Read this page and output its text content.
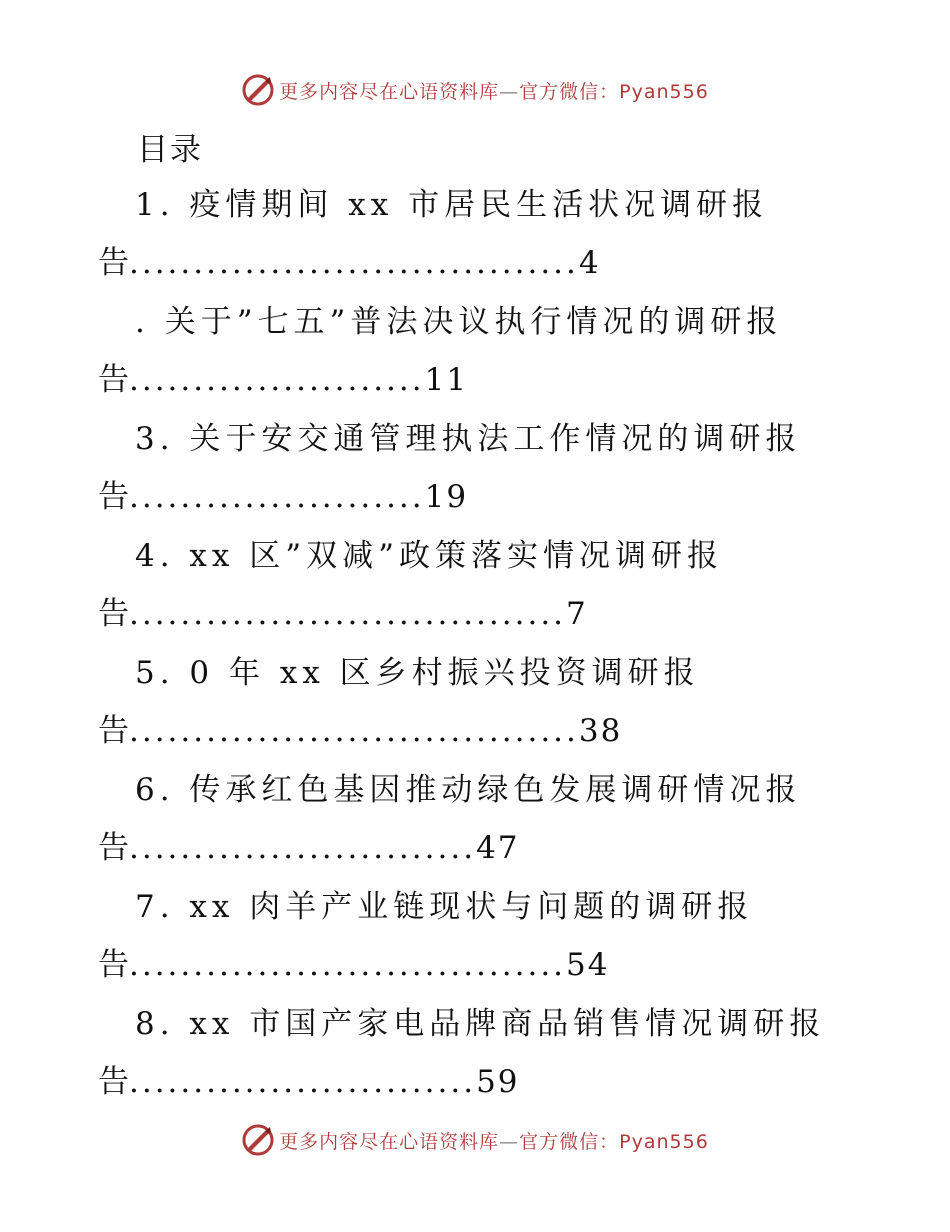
更多内容尽在心语资料库—官方微信：Pyan556
目录
1. 疫情期间 xx 市居民生活状况调研报
告...................................4
. 关于”七五”普法决议执行情况的调研报
告.......................11
3. 关于安交通管理执法工作情况的调研报
告.......................19
4. xx 区”双减”政策落实情况调研报
告..................................7
5. 0 年 xx 区乡村振兴投资调研报
告...................................38
6. 传承红色基因推动绿色发展调研情况报
告...........................47
7. xx 肉羊产业链现状与问题的调研报
告..................................54
8. xx 市国产家电品牌商品销售情况调研报
告...........................59
更多内容尽在心语资料库—官方微信：Pyan556
